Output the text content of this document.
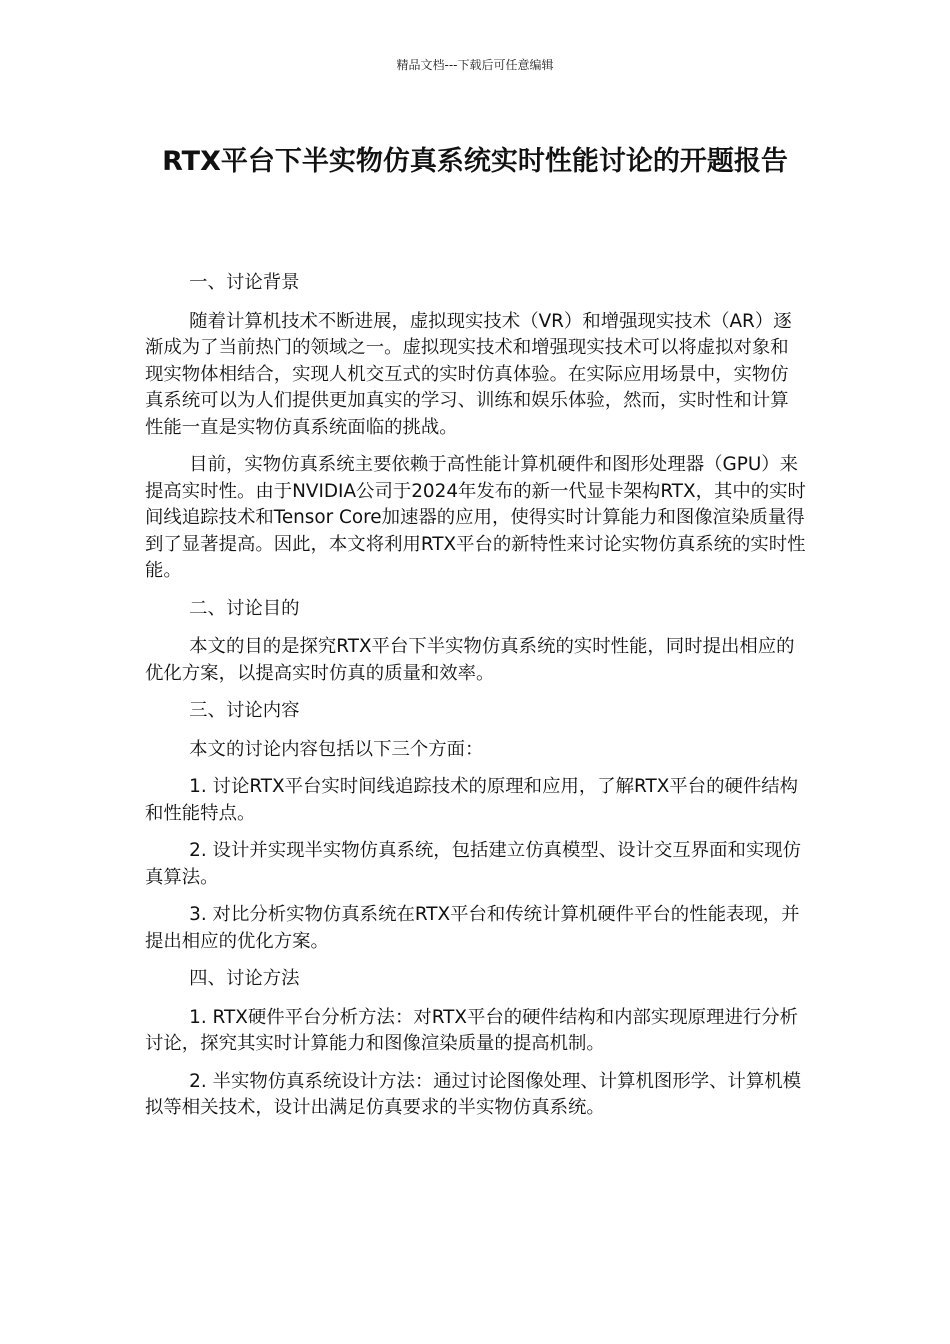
精品文档---下载后可任意编辑
RTX平台下半实物仿真系统实时性能讨论的开题报告

一、讨论背景

随着计算机技术不断进展，虚拟现实技术（VR）和增强现实技术（AR）逐渐成为了当前热门的领域之一。虚拟现实技术和增强现实技术可以将虚拟对象和现实物体相结合，实现人机交互式的实时仿真体验。在实际应用场景中，实物仿真系统可以为人们提供更加真实的学习、训练和娱乐体验，然而，实时性和计算性能一直是实物仿真系统面临的挑战。

目前，实物仿真系统主要依赖于高性能计算机硬件和图形处理器（GPU）来提高实时性。由于NVIDIA公司于2024年发布的新一代显卡架构RTX，其中的实时间线追踪技术和Tensor Core加速器的应用，使得实时计算能力和图像渲染质量得到了显著提高。因此，本文将利用RTX平台的新特性来讨论实物仿真系统的实时性能。

二、讨论目的

本文的目的是探究RTX平台下半实物仿真系统的实时性能，同时提出相应的优化方案，以提高实时仿真的质量和效率。

三、讨论内容

本文的讨论内容包括以下三个方面：

1. 讨论RTX平台实时间线追踪技术的原理和应用，了解RTX平台的硬件结构和性能特点。

2. 设计并实现半实物仿真系统，包括建立仿真模型、设计交互界面和实现仿真算法。

3. 对比分析实物仿真系统在RTX平台和传统计算机硬件平台的性能表现，并提出相应的优化方案。

四、讨论方法

1. RTX硬件平台分析方法：对RTX平台的硬件结构和内部实现原理进行分析讨论，探究其实时计算能力和图像渲染质量的提高机制。

2. 半实物仿真系统设计方法：通过讨论图像处理、计算机图形学、计算机模拟等相关技术，设计出满足仿真要求的半实物仿真系统。
